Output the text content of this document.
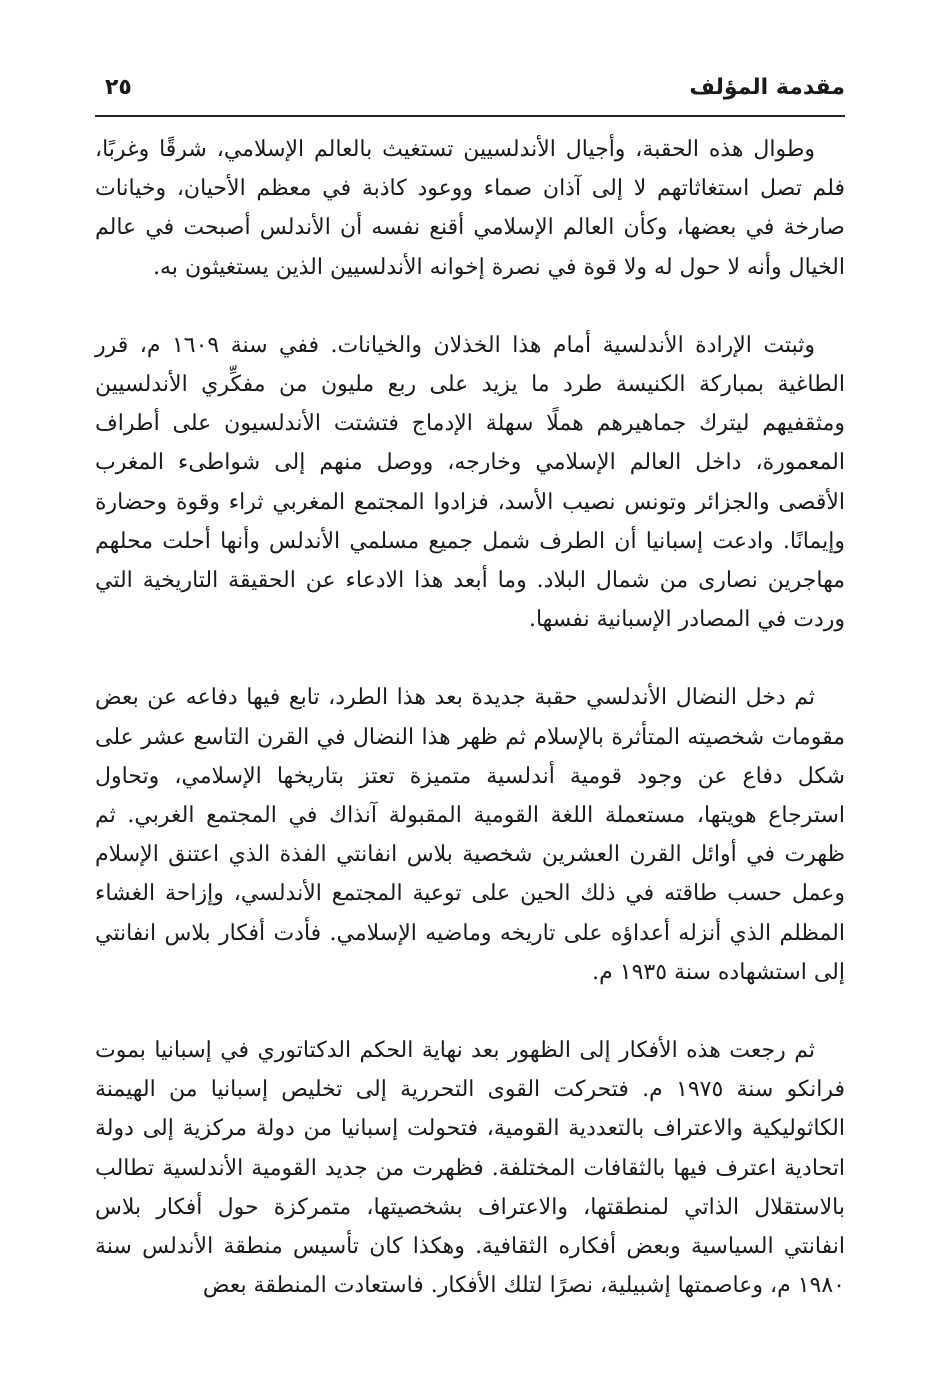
مقدمة المؤلف
٢٥

وطوال هذه الحقبة، وأجيال الأندلسيين تستغيث بالعالم الإسلامي، شرقًا وغربًا، فلم تصل استغاثاتهم لا إلى آذان صماء ووعود كاذبة في معظم الأحيان، وخيانات صارخة في بعضها، وكأن العالم الإسلامي أقنع نفسه أن الأندلس أصبحت في عالم الخيال وأنه لا حول له ولا قوة في نصرة إخوانه الأندلسيين الذين يستغيثون به.

وثبتت الإرادة الأندلسية أمام هذا الخذلان والخيانات. ففي سنة ١٦٠٩ م، قرر الطاغية بمباركة الكنيسة طرد ما يزيد على ربع مليون من مفكِّري الأندلسيين ومثقفيهم ليترك جماهيرهم هملًا سهلة الإدماج فتشتت الأندلسيون على أطراف المعمورة، داخل العالم الإسلامي وخارجه، ووصل منهم إلى شواطىء المغرب الأقصى والجزائر وتونس نصيب الأسد، فزادوا المجتمع المغربي ثراء وقوة وحضارة وإيمانًا. وادعت إسبانيا أن الطرف شمل جميع مسلمي الأندلس وأنها أحلت محلهم مهاجرين نصارى من شمال البلاد. وما أبعد هذا الادعاء عن الحقيقة التاريخية التي وردت في المصادر الإسبانية نفسها.

ثم دخل النضال الأندلسي حقبة جديدة بعد هذا الطرد، تابع فيها دفاعه عن بعض مقومات شخصيته المتأثرة بالإسلام ثم ظهر هذا النضال في القرن التاسع عشر على شكل دفاع عن وجود قومية أندلسية متميزة تعتز بتاريخها الإسلامي، وتحاول استرجاع هويتها، مستعملة اللغة القومية المقبولة آنذاك في المجتمع الغربي. ثم ظهرت في أوائل القرن العشرين شخصية بلاس انفانتي الفذة الذي اعتنق الإسلام وعمل حسب طاقته في ذلك الحين على توعية المجتمع الأندلسي، وإزاحة الغشاء المظلم الذي أنزله أعداؤه على تاريخه وماضيه الإسلامي. فأدت أفكار بلاس انفانتي إلى استشهاده سنة ١٩٣٥ م.

ثم رجعت هذه الأفكار إلى الظهور بعد نهاية الحكم الدكتاتوري في إسبانيا بموت فرانكو سنة ١٩٧٥ م. فتحركت القوى التحررية إلى تخليص إسبانيا من الهيمنة الكاثوليكية والاعتراف بالتعددية القومية، فتحولت إسبانيا من دولة مركزية إلى دولة اتحادية اعترف فيها بالثقافات المختلفة. فظهرت من جديد القومية الأندلسية تطالب بالاستقلال الذاتي لمنطقتها، والاعتراف بشخصيتها، متمركزة حول أفكار بلاس انفانتي السياسية وبعض أفكاره الثقافية. وهكذا كان تأسيس منطقة الأندلس سنة ١٩٨٠ م، وعاصمتها إشبيلية، نصرًا لتلك الأفكار. فاستعادت المنطقة بعض
